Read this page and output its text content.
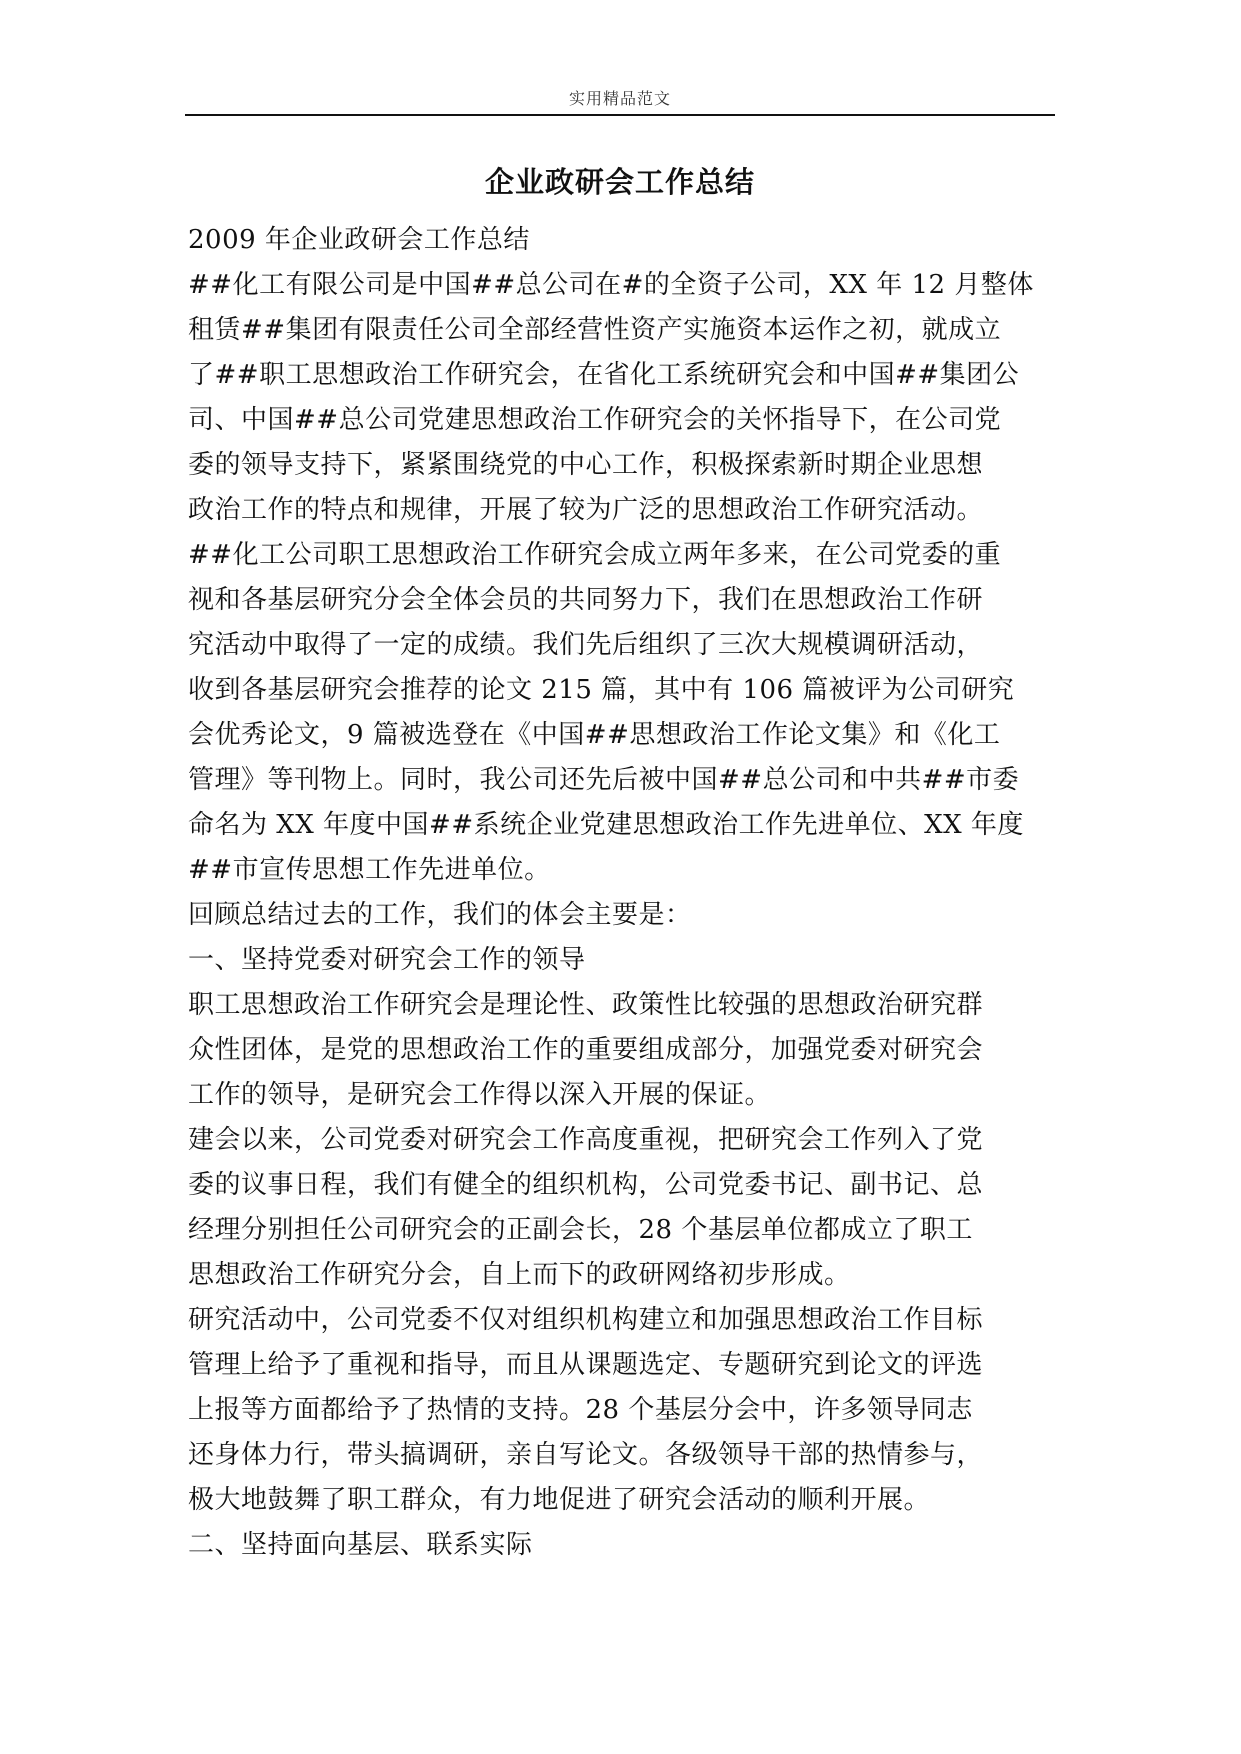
实用精品范文
企业政研会工作总结
2009 年企业政研会工作总结
##化工有限公司是中国##总公司在#的全资子公司，XX 年 12 月整体
租赁##集团有限责任公司全部经营性资产实施资本运作之初，就成立
了##职工思想政治工作研究会，在省化工系统研究会和中国##集团公
司、中国##总公司党建思想政治工作研究会的关怀指导下，在公司党
委的领导支持下，紧紧围绕党的中心工作，积极探索新时期企业思想
政治工作的特点和规律，开展了较为广泛的思想政治工作研究活动。
##化工公司职工思想政治工作研究会成立两年多来，在公司党委的重
视和各基层研究分会全体会员的共同努力下，我们在思想政治工作研
究活动中取得了一定的成绩。我们先后组织了三次大规模调研活动，
收到各基层研究会推荐的论文 215 篇，其中有 106 篇被评为公司研究
会优秀论文，9 篇被选登在《中国##思想政治工作论文集》和《化工
管理》等刊物上。同时，我公司还先后被中国##总公司和中共##市委
命名为 XX 年度中国##系统企业党建思想政治工作先进单位、XX 年度
##市宣传思想工作先进单位。
回顾总结过去的工作，我们的体会主要是：
一、坚持党委对研究会工作的领导
职工思想政治工作研究会是理论性、政策性比较强的思想政治研究群
众性团体，是党的思想政治工作的重要组成部分，加强党委对研究会
工作的领导，是研究会工作得以深入开展的保证。
建会以来，公司党委对研究会工作高度重视，把研究会工作列入了党
委的议事日程，我们有健全的组织机构，公司党委书记、副书记、总
经理分别担任公司研究会的正副会长，28 个基层单位都成立了职工
思想政治工作研究分会，自上而下的政研网络初步形成。
研究活动中，公司党委不仅对组织机构建立和加强思想政治工作目标
管理上给予了重视和指导，而且从课题选定、专题研究到论文的评选
上报等方面都给予了热情的支持。28 个基层分会中，许多领导同志
还身体力行，带头搞调研，亲自写论文。各级领导干部的热情参与，
极大地鼓舞了职工群众，有力地促进了研究会活动的顺利开展。
二、坚持面向基层、联系实际
